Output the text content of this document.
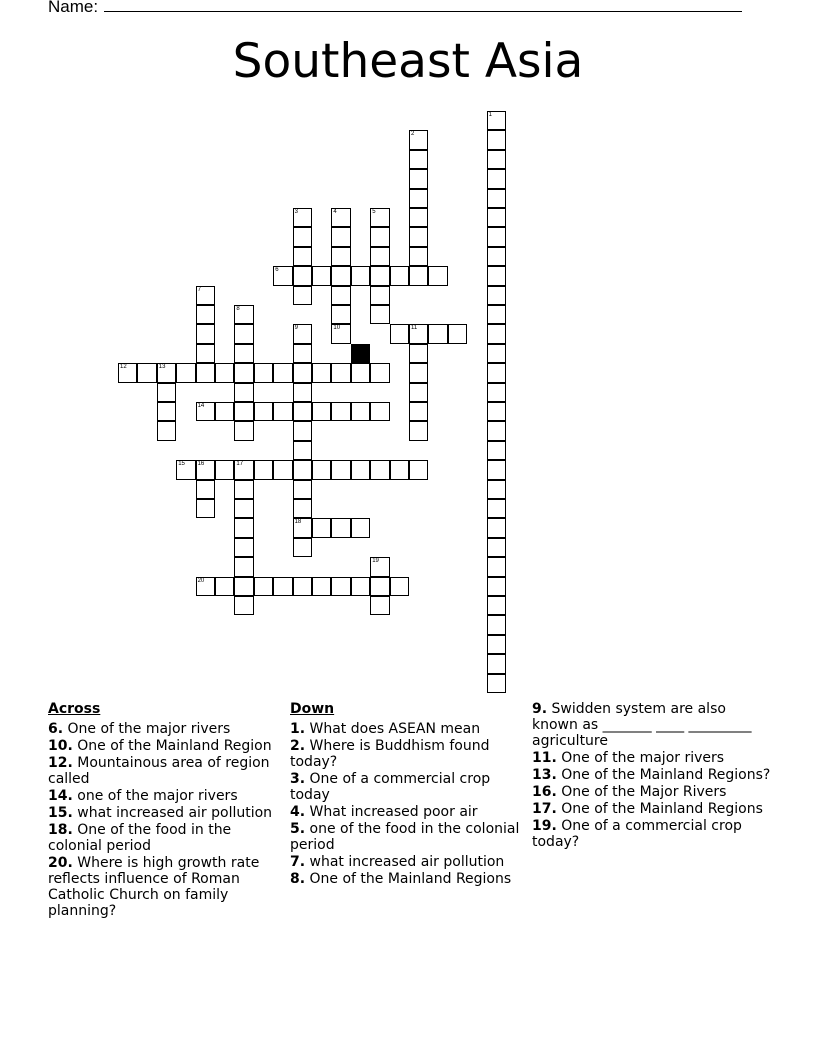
Name:
Southeast Asia
1
2
3	4	5
6
7
8
9
18
10	11
12	13
14
15 16	17
19
20
Across
6. One of the major rivers
10. One of the Mainland Region
12. Mountainous area of region called
14. one of the major rivers
15. what increased air pollution
18. One of the food in the colonial period
20. Where is high growth rate reflects influence of Roman Catholic Church on family planning?
Down
1. What does ASEAN mean
2. Where is Buddhism found today?
3. One of a commercial crop today
4. What increased poor air
5. one of the food in the colonial period
7. what increased air pollution
8. One of the Mainland Regions
9. Swidden system are also known as _______ ____ _________ agriculture
11. One of the major rivers
13. One of the Mainland Regions?
16. One of the Major Rivers
17. One of the Mainland Regions
19. One of a commercial crop today?
